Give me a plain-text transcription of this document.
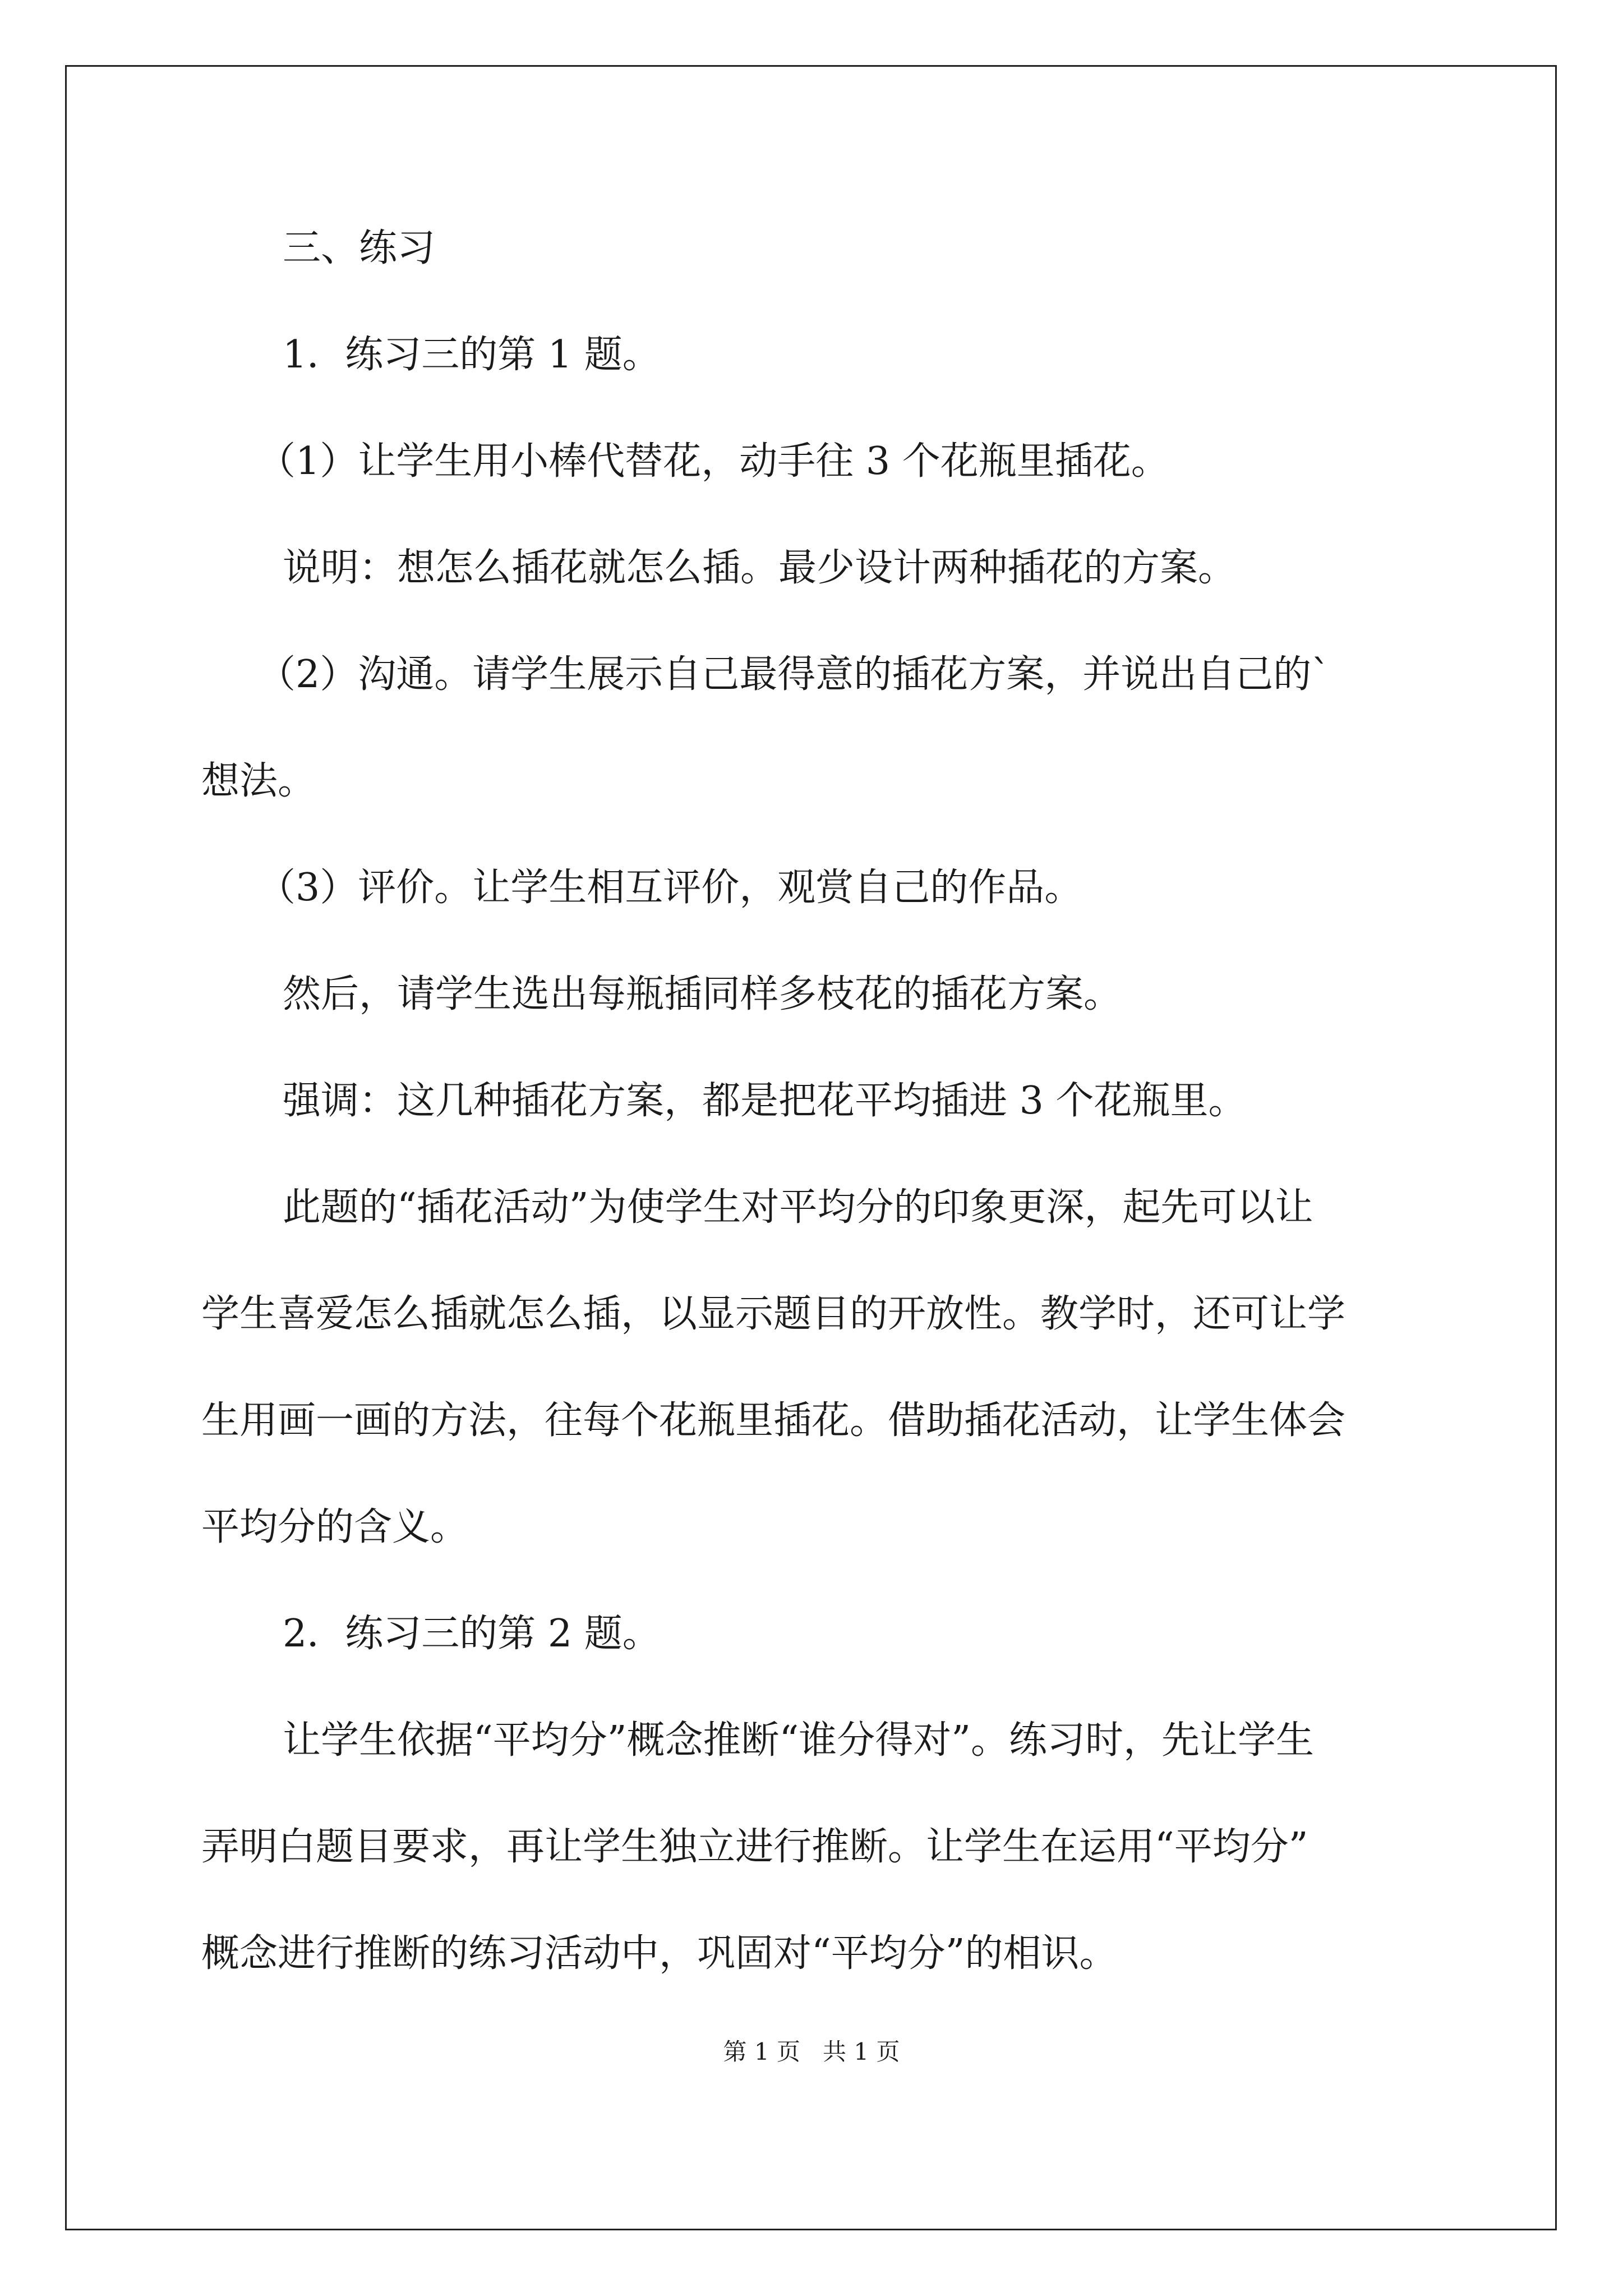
三、练习
1．练习三的第 1 题。
（1）让学生用小棒代替花，动手往 3 个花瓶里插花。
说明：想怎么插花就怎么插。最少设计两种插花的方案。
（2）沟通。请学生展示自己最得意的插花方案，并说出自己的`
想法。
（3）评价。让学生相互评价，观赏自己的作品。
然后，请学生选出每瓶插同样多枝花的插花方案。
强调：这几种插花方案，都是把花平均插进 3 个花瓶里。
此题的“插花活动”为使学生对平均分的印象更深，起先可以让
学生喜爱怎么插就怎么插，以显示题目的开放性。教学时，还可让学
生用画一画的方法，往每个花瓶里插花。借助插花活动，让学生体会
平均分的含义。
2．练习三的第 2 题。
让学生依据“平均分”概念推断“谁分得对”。练习时，先让学生
弄明白题目要求，再让学生独立进行推断。让学生在运用“平均分”
概念进行推断的练习活动中，巩固对“平均分”的相识。
第 1 页   共 1 页
